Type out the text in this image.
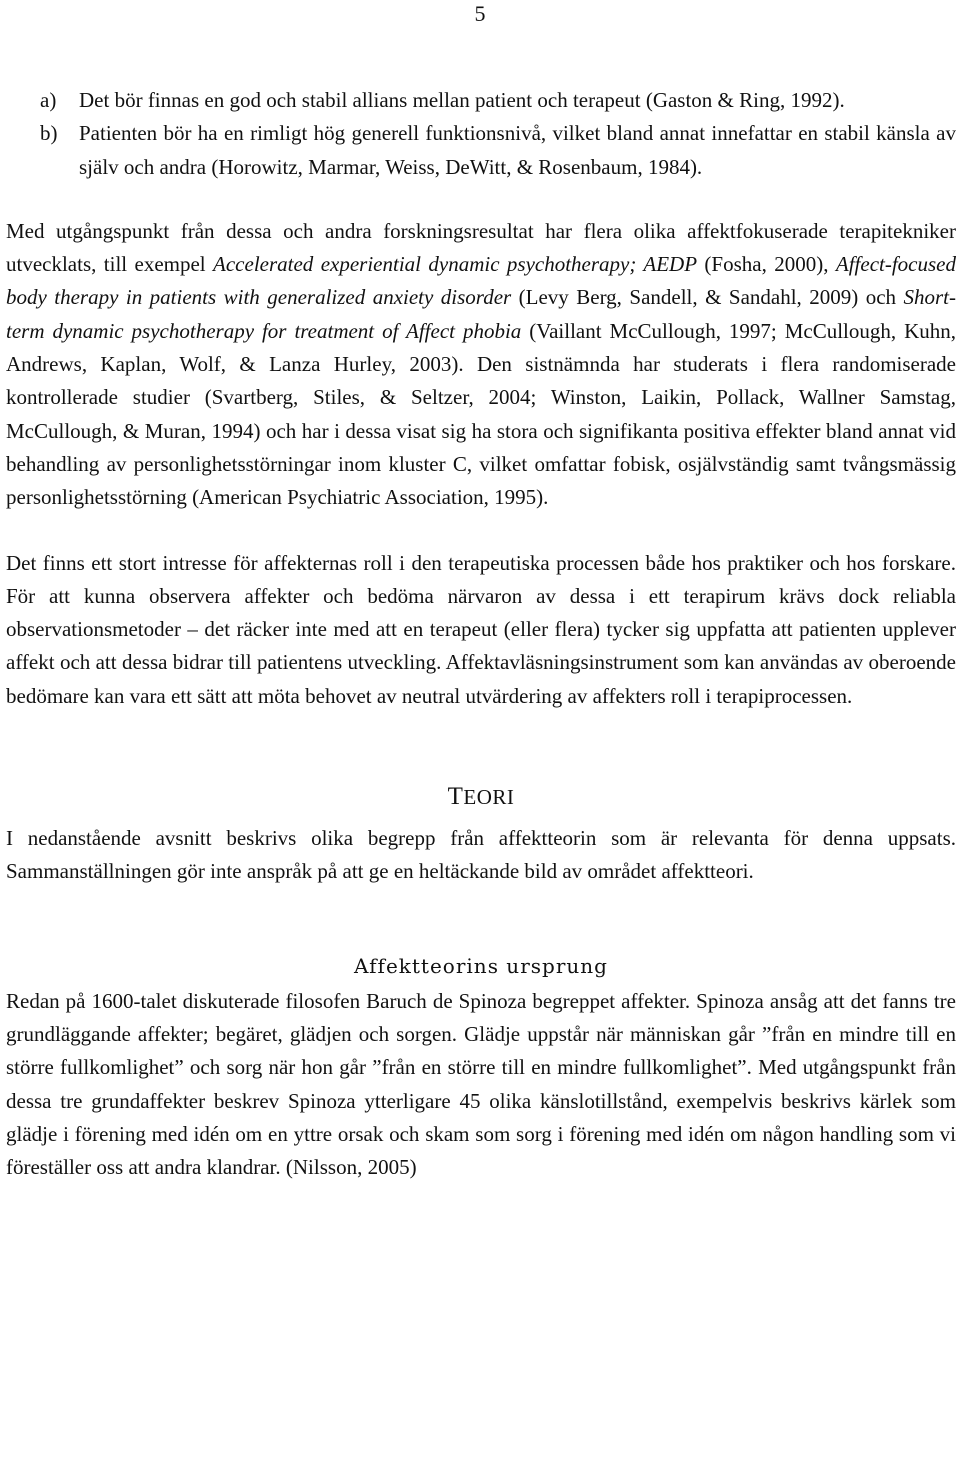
5
a) Det bör finnas en god och stabil allians mellan patient och terapeut (Gaston & Ring, 1992).
b) Patienten bör ha en rimligt hög generell funktionsnivå, vilket bland annat innefattar en stabil känsla av själv och andra (Horowitz, Marmar, Weiss, DeWitt, & Rosenbaum, 1984).

Med utgångspunkt från dessa och andra forskningsresultat har flera olika affektfokuserade terapitekniker utvecklats, till exempel Accelerated experiential dynamic psychotherapy; AEDP (Fosha, 2000), Affect-focused body therapy in patients with generalized anxiety disorder (Levy Berg, Sandell, & Sandahl, 2009) och Short-term dynamic psychotherapy for treatment of Affect phobia (Vaillant McCullough, 1997; McCullough, Kuhn, Andrews, Kaplan, Wolf, & Lanza Hurley, 2003). Den sistnämnda har studerats i flera randomiserade kontrollerade studier (Svartberg, Stiles, & Seltzer, 2004; Winston, Laikin, Pollack, Wallner Samstag, McCullough, & Muran, 1994) och har i dessa visat sig ha stora och signifikanta positiva effekter bland annat vid behandling av personlighetsstörningar inom kluster C, vilket omfattar fobisk, osjälvständig samt tvångsmässig personlighetsstörning (American Psychiatric Association, 1995).

Det finns ett stort intresse för affekternas roll i den terapeutiska processen både hos praktiker och hos forskare. För att kunna observera affekter och bedöma närvaron av dessa i ett terapirum krävs dock reliabla observationsmetoder – det räcker inte med att en terapeut (eller flera) tycker sig uppfatta att patienten upplever affekt och att dessa bidrar till patientens utveckling. Affektavläsningsinstrument som kan användas av oberoende bedömare kan vara ett sätt att möta behovet av neutral utvärdering av affekters roll i terapiprocessen.

TEORI

I nedanstående avsnitt beskrivs olika begrepp från affektteorin som är relevanta för denna uppsats. Sammanställningen gör inte anspråk på att ge en heltäckande bild av området affektteori.

Affektteorins ursprung

Redan på 1600-talet diskuterade filosofen Baruch de Spinoza begreppet affekter. Spinoza ansåg att det fanns tre grundläggande affekter; begäret, glädjen och sorgen. Glädje uppstår när människan går ”från en mindre till en större fullkomlighet” och sorg när hon går ”från en större till en mindre fullkomlighet”. Med utgångspunkt från dessa tre grundaffekter beskrev Spinoza ytterligare 45 olika känslotillstånd, exempelvis beskrivs kärlek som glädje i förening med idén om en yttre orsak och skam som sorg i förening med idén om någon handling som vi föreställer oss att andra klandrar. (Nilsson, 2005)
